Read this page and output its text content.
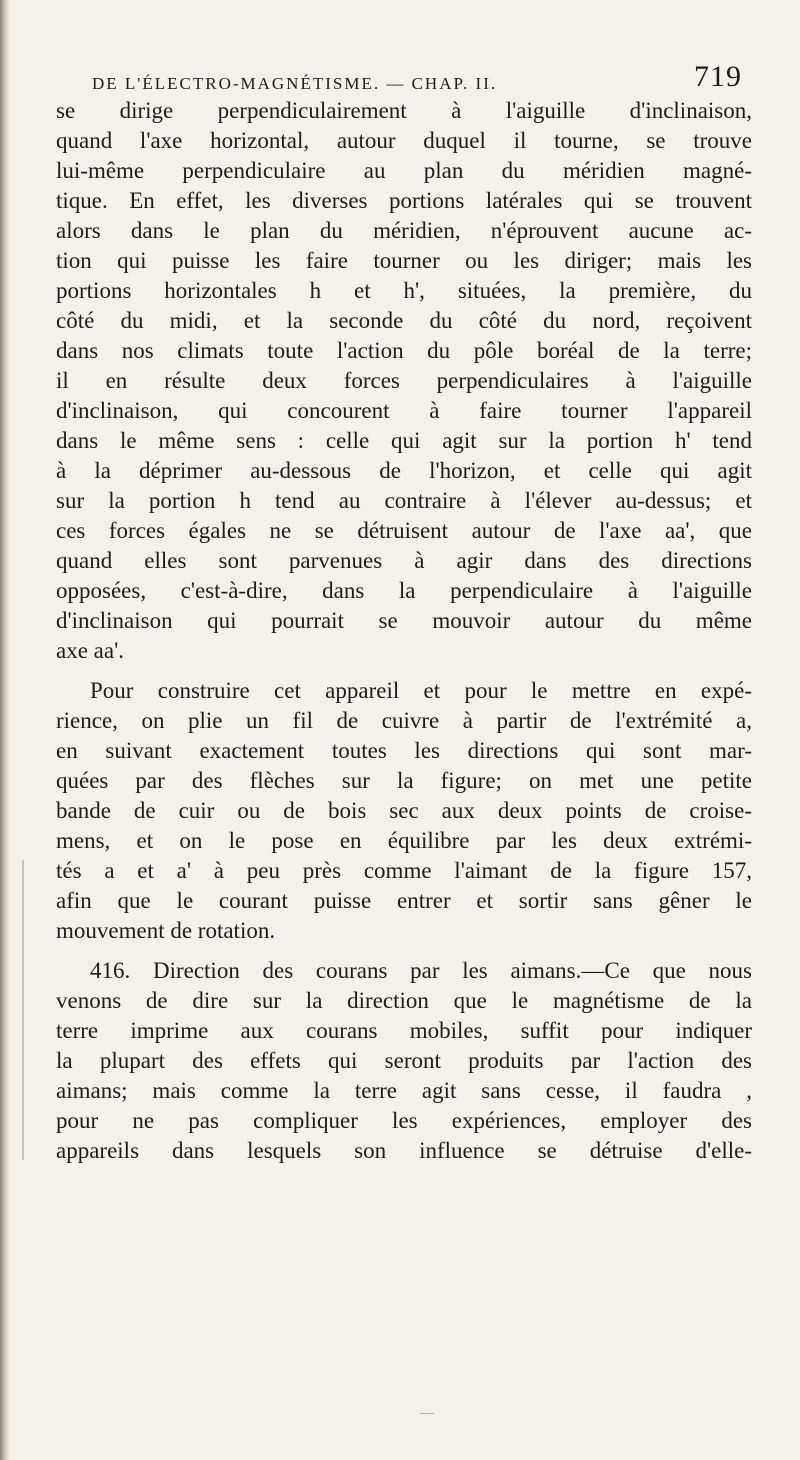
DE L'ÉLECTRO-MAGNÉTISME. — CHAP. II.	719
se dirige perpendiculairement à l'aiguille d'inclinaison,
quand l'axe horizontal, autour duquel il tourne, se trouve
lui-même perpendiculaire au plan du méridien magné-
tique. En effet, les diverses portions latérales qui se trouvent
alors dans le plan du méridien, n'éprouvent aucune ac-
tion qui puisse les faire tourner ou les diriger; mais les
portions horizontales h et h', situées, la première, du
côté du midi, et la seconde du côté du nord, reçoivent
dans nos climats toute l'action du pôle boréal de la terre;
il en résulte deux forces perpendiculaires à l'aiguille
d'inclinaison, qui concourent à faire tourner l'appareil
dans le même sens : celle qui agit sur la portion h' tend
à la déprimer au-dessous de l'horizon, et celle qui agit
sur la portion h tend au contraire à l'élever au-dessus; et
ces forces égales ne se détruisent autour de l'axe aa', que
quand elles sont parvenues à agir dans des directions
opposées, c'est-à-dire, dans la perpendiculaire à l'aiguille
d'inclinaison qui pourrait se mouvoir autour du même
axe aa'.
Pour construire cet appareil et pour le mettre en expé-
rience, on plie un fil de cuivre à partir de l'extrémité a,
en suivant exactement toutes les directions qui sont mar-
quées par des flèches sur la figure; on met une petite
bande de cuir ou de bois sec aux deux points de croise-
mens, et on le pose en équilibre par les deux extrémi-
tés a et a' à peu près comme l'aimant de la figure 157,
afin que le courant puisse entrer et sortir sans gêner le
mouvement de rotation.
416. Direction des courans par les aimans.—Ce que nous
venons de dire sur la direction que le magnétisme de la
terre imprime aux courans mobiles, suffit pour indiquer
la plupart des effets qui seront produits par l'action des
aimans; mais comme la terre agit sans cesse, il faudra ,
pour ne pas compliquer les expériences, employer des
appareils dans lesquels son influence se détruise d'elle-
